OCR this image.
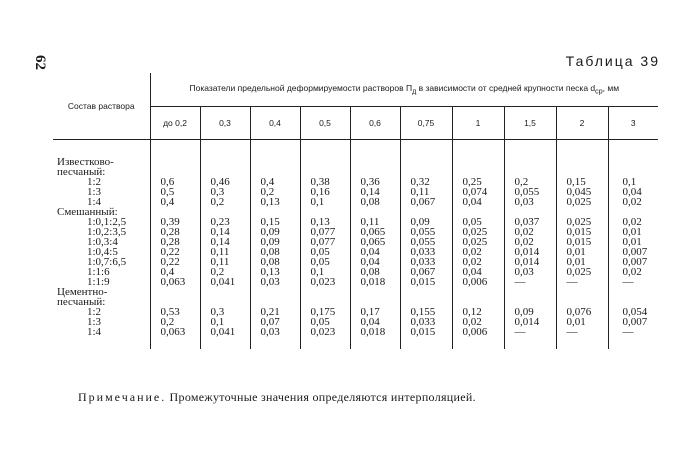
62	Таблица 39
Состав раствора	Показатели предельной деформируемости растворов $П_д$ в зависимости от средней крупности песка $d_{ср}$, мм									
	до 0,2	0,3	0,4	0,5	0,6	0,75	1	1,5	2	3

Известково-песчаный:										
1:2	0,6	0,46	0,4	0,38	0,36	0,32	0,25	0,2	0,15	0,1
1:3	0,5	0,3	0,2	0,16	0,14	0,11	0,074	0,055	0,045	0,04
1:4	0,4	0,2	0,13	0,1	0,08	0,067	0,04	0,03	0,025	0,02
Смешанный:										
1:0,1:2,5	0,39	0,23	0,15	0,13	0,11	0,09	0,05	0,037	0,025	0,02
1:0,2:3,5	0,28	0,14	0,09	0,077	0,065	0,055	0,025	0,02	0,015	0,01
1:0,3:4	0,28	0,14	0,09	0,077	0,065	0,055	0,025	0,02	0,015	0,01
1:0,4:5	0,22	0,11	0,08	0,05	0,04	0,033	0,02	0,014	0,01	0,007
1:0,7:6,5	0,22	0,11	0,08	0,05	0,04	0,033	0,02	0,014	0,01	0,007
1:1:6	0,4	0,2	0,13	0,1	0,08	0,067	0,04	0,03	0,025	0,02
1:1:9	0,063	0,041	0,03	0,023	0,018	0,015	0,006	—	—	—
Цементно-песчаный:										
1:2	0,53	0,3	0,21	0,175	0,17	0,155	0,12	0,09	0,076	0,054
1:3	0,2	0,1	0,07	0,05	0,04	0,033	0,02	0,014	0,01	0,007
1:4	0,063	0,041	0,03	0,023	0,018	0,015	0,006	—	—	—

Примечание. Промежуточные значения определяются интерполяцией.
